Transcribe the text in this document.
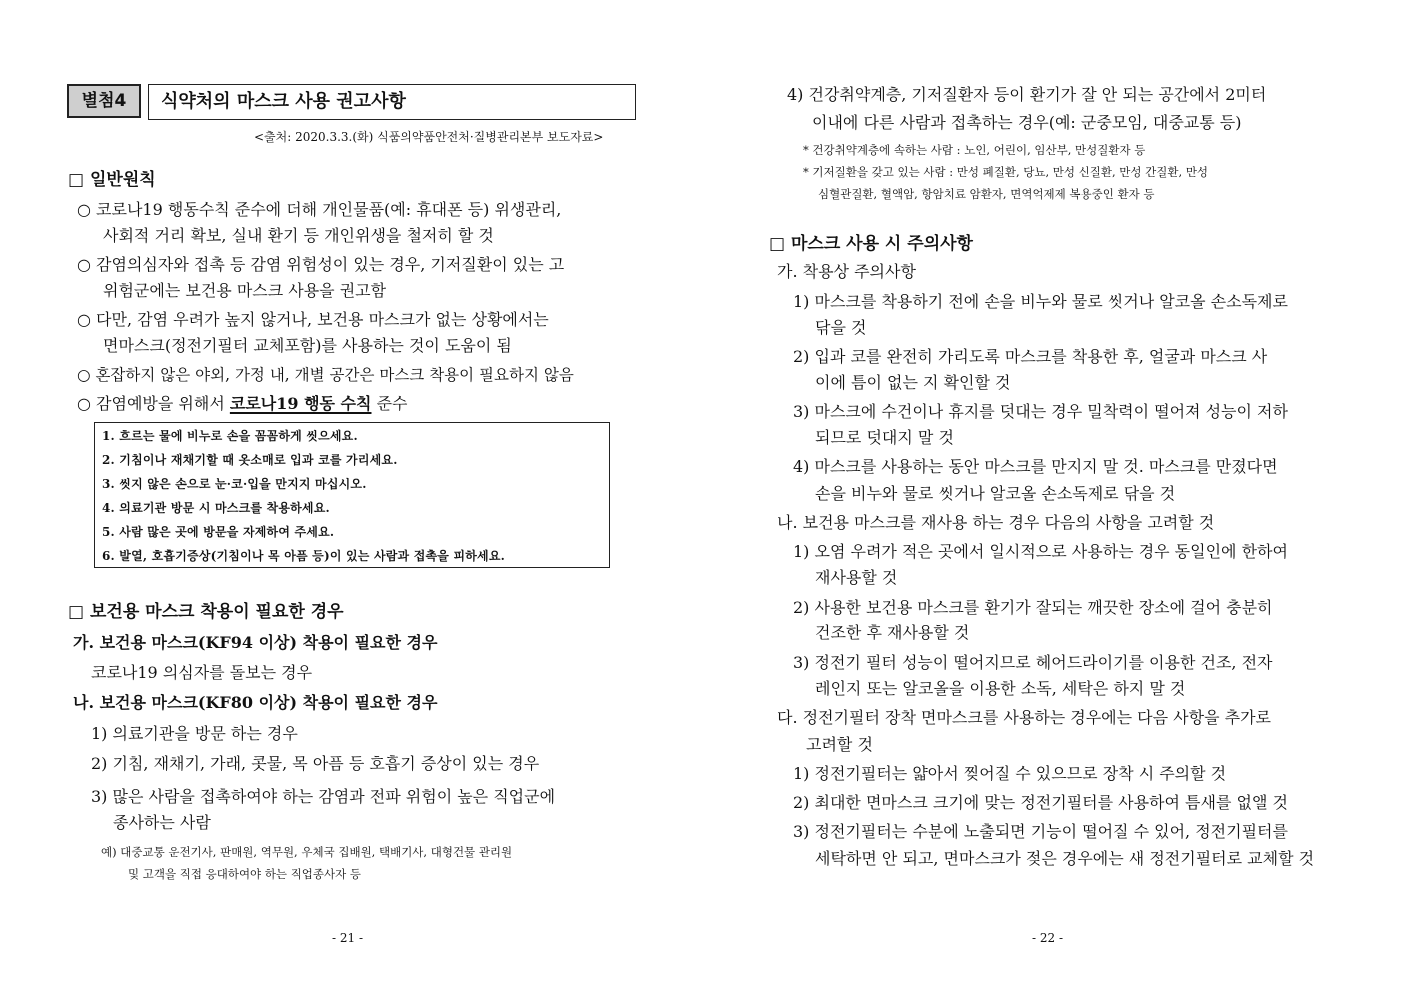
별첨4	식약처의 마스크 사용 권고사항
<출처: 2020.3.3.(화) 식품의약품안전처·질병관리본부 보도자료>
□ 일반원칙
○ 코로나19 행동수칙 준수에 더해 개인물품(예: 휴대폰 등) 위생관리,
사회적 거리 확보, 실내 환기 등 개인위생을 철저히 할 것
○ 감염의심자와 접촉 등 감염 위험성이 있는 경우, 기저질환이 있는 고
위험군에는 보건용 마스크 사용을 권고함
○ 다만, 감염 우려가 높지 않거나, 보건용 마스크가 없는 상황에서는
면마스크(정전기필터 교체포함)를 사용하는 것이 도움이 됨
○ 혼잡하지 않은 야외, 가정 내, 개별 공간은 마스크 착용이 필요하지 않음
○ 감염예방을 위해서 코로나19 행동 수칙 준수
1. 흐르는 물에 비누로 손을 꼼꼼하게 씻으세요.
2. 기침이나 재채기할 때 옷소매로 입과 코를 가리세요.
3. 씻지 않은 손으로 눈·코·입을 만지지 마십시오.
4. 의료기관 방문 시 마스크를 착용하세요.
5. 사람 많은 곳에 방문을 자제하여 주세요.
6. 발열, 호흡기증상(기침이나 목 아픔 등)이 있는 사람과 접촉을 피하세요.
□ 보건용 마스크 착용이 필요한 경우
가. 보건용 마스크(KF94 이상) 착용이 필요한 경우
코로나19 의심자를 돌보는 경우
나. 보건용 마스크(KF80 이상) 착용이 필요한 경우
1) 의료기관을 방문 하는 경우
2) 기침, 재채기, 가래, 콧물, 목 아픔 등 호흡기 증상이 있는 경우
3) 많은 사람을 접촉하여야 하는 감염과 전파 위험이 높은 직업군에
종사하는 사람
예) 대중교통 운전기사, 판매원, 역무원, 우체국 집배원, 택배기사, 대형건물 관리원
및 고객을 직접 응대하여야 하는 직업종사자 등
- 21 -
4) 건강취약계층, 기저질환자 등이 환기가 잘 안 되는 공간에서 2미터
이내에 다른 사람과 접촉하는 경우(예: 군중모임, 대중교통 등)
* 건강취약계층에 속하는 사람 : 노인, 어린이, 임산부, 만성질환자 등
* 기저질환을 갖고 있는 사람 : 만성 폐질환, 당뇨, 만성 신질환, 만성 간질환, 만성
심혈관질환, 혈액암, 항암치료 암환자, 면역억제제 복용중인 환자 등
□ 마스크 사용 시 주의사항
가. 착용상 주의사항
1) 마스크를 착용하기 전에 손을 비누와 물로 씻거나 알코올 손소독제로
닦을 것
2) 입과 코를 완전히 가리도록 마스크를 착용한 후, 얼굴과 마스크 사
이에 틈이 없는 지 확인할 것
3) 마스크에 수건이나 휴지를 덧대는 경우 밀착력이 떨어져 성능이 저하
되므로 덧대지 말 것
4) 마스크를 사용하는 동안 마스크를 만지지 말 것. 마스크를 만졌다면
손을 비누와 물로 씻거나 알코올 손소독제로 닦을 것
나. 보건용 마스크를 재사용 하는 경우 다음의 사항을 고려할 것
1) 오염 우려가 적은 곳에서 일시적으로 사용하는 경우 동일인에 한하여
재사용할 것
2) 사용한 보건용 마스크를 환기가 잘되는 깨끗한 장소에 걸어 충분히
건조한 후 재사용할 것
3) 정전기 필터 성능이 떨어지므로 헤어드라이기를 이용한 건조, 전자
레인지 또는 알코올을 이용한 소독, 세탁은 하지 말 것
다. 정전기필터 장착 면마스크를 사용하는 경우에는 다음 사항을 추가로
고려할 것
1) 정전기필터는 얇아서 찢어질 수 있으므로 장착 시 주의할 것
2) 최대한 면마스크 크기에 맞는 정전기필터를 사용하여 틈새를 없앨 것
3) 정전기필터는 수분에 노출되면 기능이 떨어질 수 있어, 정전기필터를
세탁하면 안 되고, 면마스크가 젖은 경우에는 새 정전기필터로 교체할 것
- 22 -
